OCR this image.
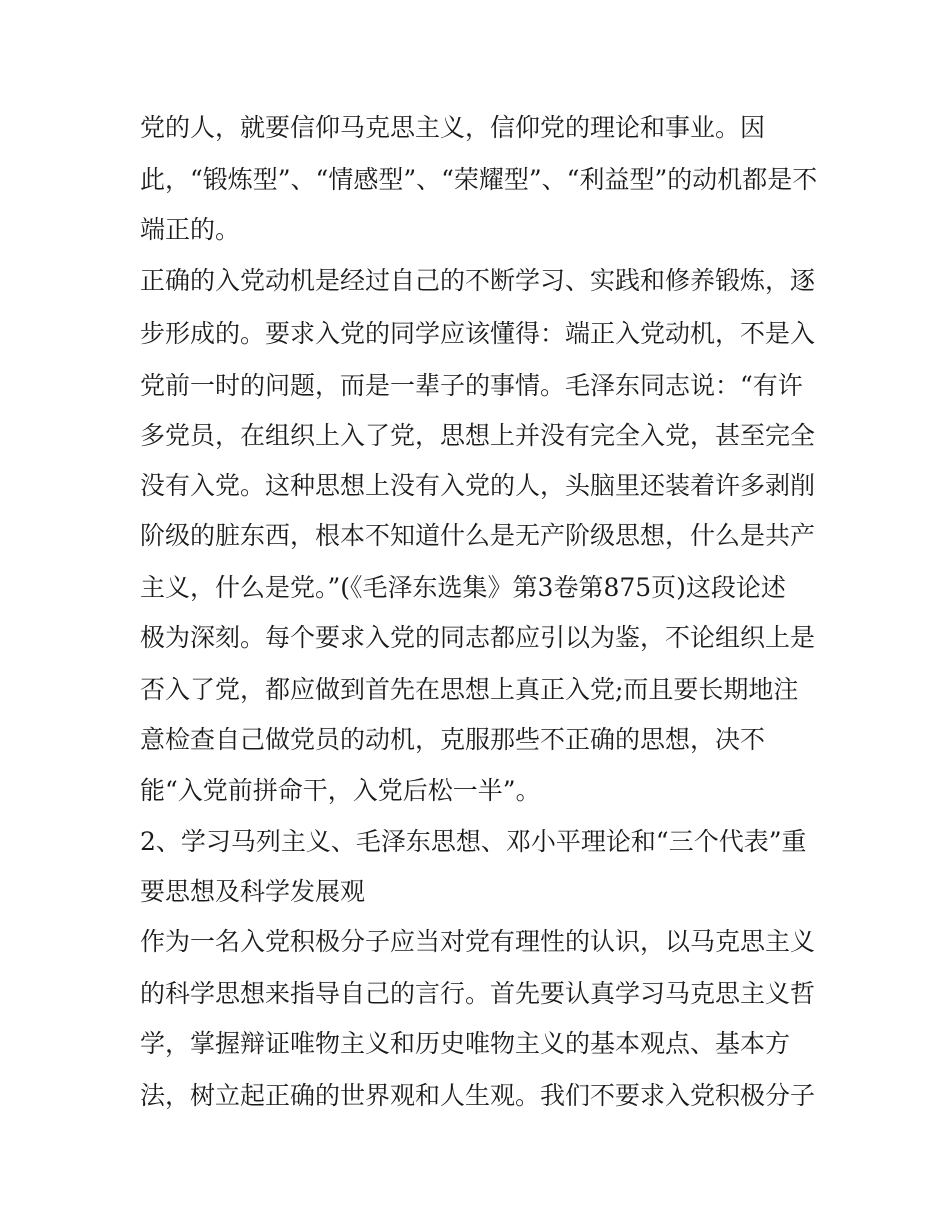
党的人，就要信仰马克思主义，信仰党的理论和事业。因
此，“锻炼型”、“情感型”、“荣耀型”、“利益型”的动机都是不
端正的。
正确的入党动机是经过自己的不断学习、实践和修养锻炼，逐
步形成的。要求入党的同学应该懂得：端正入党动机，不是入
党前一时的问题，而是一辈子的事情。毛泽东同志说：“有许
多党员，在组织上入了党，思想上并没有完全入党，甚至完全
没有入党。这种思想上没有入党的人，头脑里还装着许多剥削
阶级的脏东西，根本不知道什么是无产阶级思想，什么是共产
主义，什么是党。”(《毛泽东选集》第3卷第875页)这段论述
极为深刻。每个要求入党的同志都应引以为鉴，不论组织上是
否入了党，都应做到首先在思想上真正入党;而且要长期地注
意检查自己做党员的动机，克服那些不正确的思想，决不
能“入党前拼命干，入党后松一半”。
2、学习马列主义、毛泽东思想、邓小平理论和“三个代表”重
要思想及科学发展观
作为一名入党积极分子应当对党有理性的认识，以马克思主义
的科学思想来指导自己的言行。首先要认真学习马克思主义哲
学，掌握辩证唯物主义和历史唯物主义的基本观点、基本方
法，树立起正确的世界观和人生观。我们不要求入党积极分子
